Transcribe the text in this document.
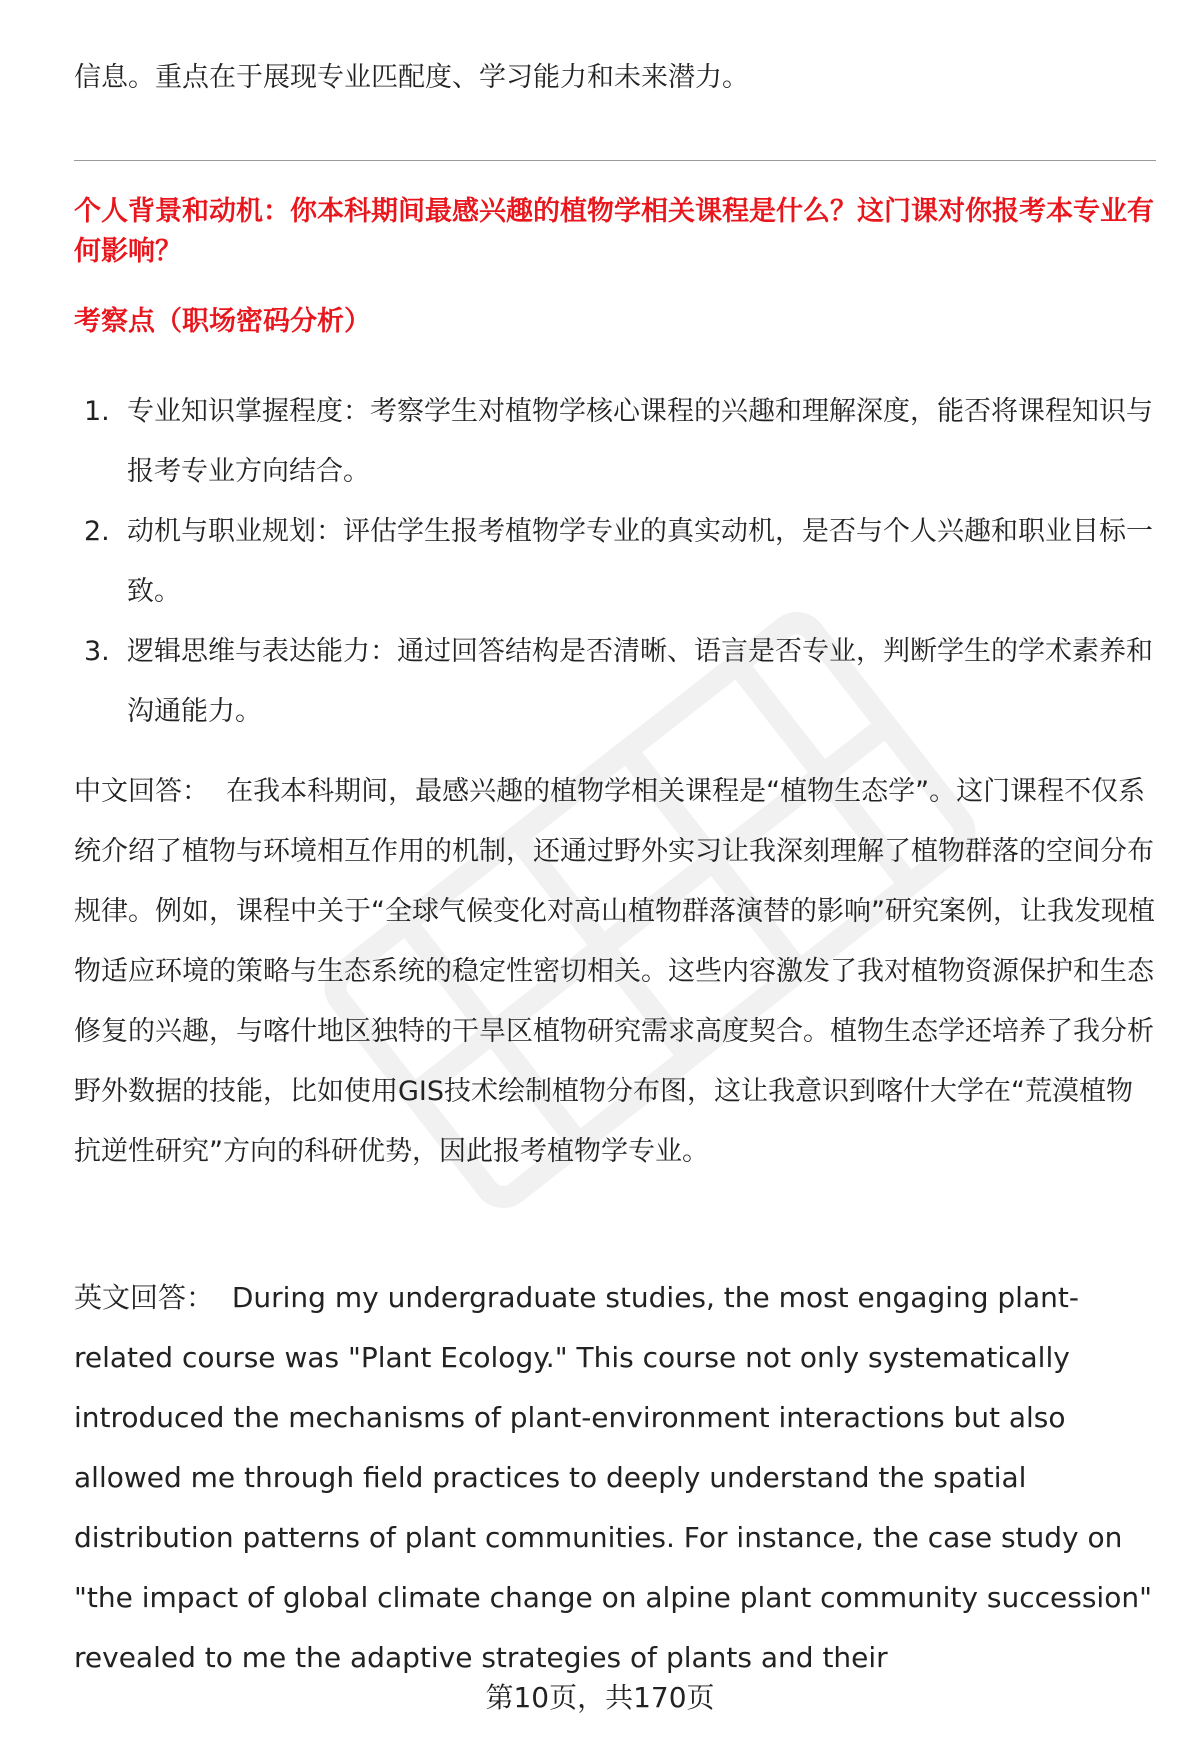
信息。重点在于展现专业匹配度、学习能力和未来潜力。

个人背景和动机：你本科期间最感兴趣的植物学相关课程是什么？这门课对你报考本专业有何影响？
考察点（职场密码分析）
1. 专业知识掌握程度：考察学生对植物学核心课程的兴趣和理解深度，能否将课程知识与报考专业方向结合。
2. 动机与职业规划：评估学生报考植物学专业的真实动机，是否与个人兴趣和职业目标一致。
3. 逻辑思维与表达能力：通过回答结构是否清晰、语言是否专业，判断学生的学术素养和沟通能力。

中文回答： 在我本科期间，最感兴趣的植物学相关课程是“植物生态学”。这门课程不仅系统介绍了植物与环境相互作用的机制，还通过野外实习让我深刻理解了植物群落的空间分布规律。例如，课程中关于“全球气候变化对高山植物群落演替的影响”研究案例，让我发现植物适应环境的策略与生态系统的稳定性密切相关。这些内容激发了我对植物资源保护和生态修复的兴趣，与喀什地区独特的干旱区植物研究需求高度契合。植物生态学还培养了我分析野外数据的技能，比如使用GIS技术绘制植物分布图，这让我意识到喀什大学在“荒漠植物抗逆性研究”方向的科研优势，因此报考植物学专业。

英文回答： During my undergraduate studies, the most engaging plant-related course was "Plant Ecology." This course not only systematically introduced the mechanisms of plant-environment interactions but also allowed me through field practices to deeply understand the spatial distribution patterns of plant communities. For instance, the case study on "the impact of global climate change on alpine plant community succession" revealed to me the adaptive strategies of plants and their

第10页，共170页
